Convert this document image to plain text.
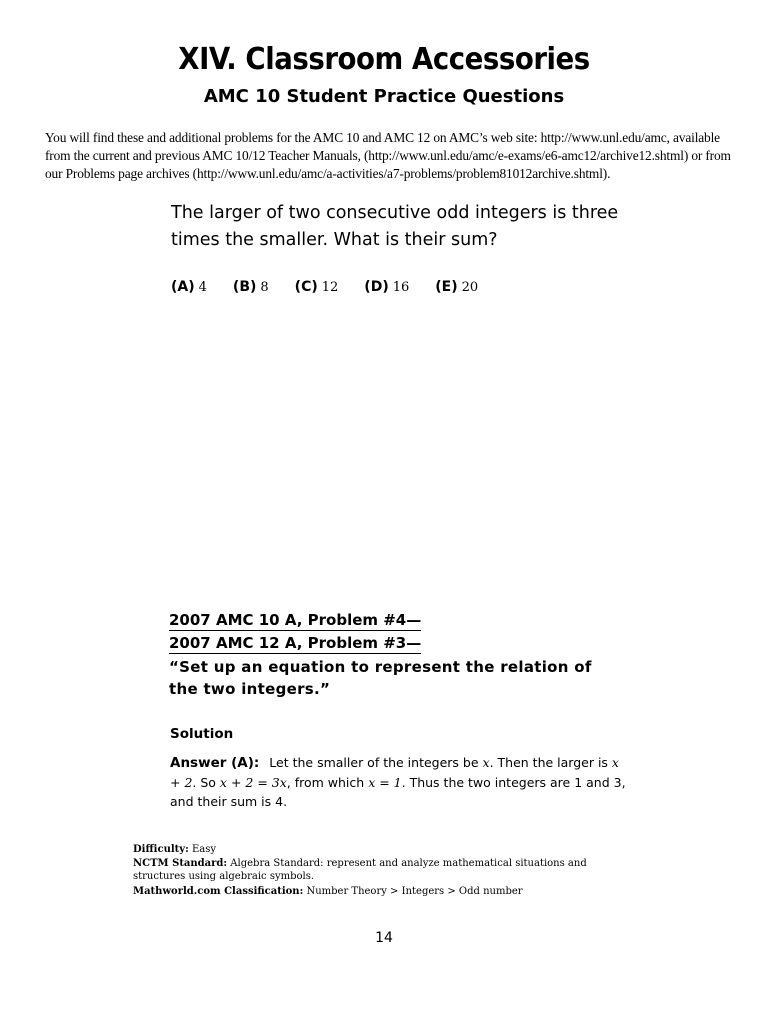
XIV. Classroom Accessories
AMC 10 Student Practice Questions
You will find these and additional problems for the AMC 10 and AMC 12 on AMC’s web site: http://www.unl.edu/amc, available from the current and previous AMC 10/12 Teacher Manuals, (http://www.unl.edu/amc/e-exams/e6-amc12/archive12.shtml) or from our Problems page archives (http://www.unl.edu/amc/a-activities/a7-problems/problem81012archive.shtml).
The larger of two consecutive odd integers is three times the smaller. What is their sum?
(A) 4 (B) 8 (C) 12 (D) 16 (E) 20
2007 AMC 10 A, Problem #4—
2007 AMC 12 A, Problem #3—
“Set up an equation to represent the relation of the two integers.”
Solution
Answer (A): Let the smaller of the integers be x. Then the larger is x + 2. So x + 2 = 3x, from which x = 1. Thus the two integers are 1 and 3, and their sum is 4.
Difficulty: Easy
NCTM Standard: Algebra Standard: represent and analyze mathematical situations and structures using algebraic symbols.
Mathworld.com Classification: Number Theory > Integers > Odd number
14
